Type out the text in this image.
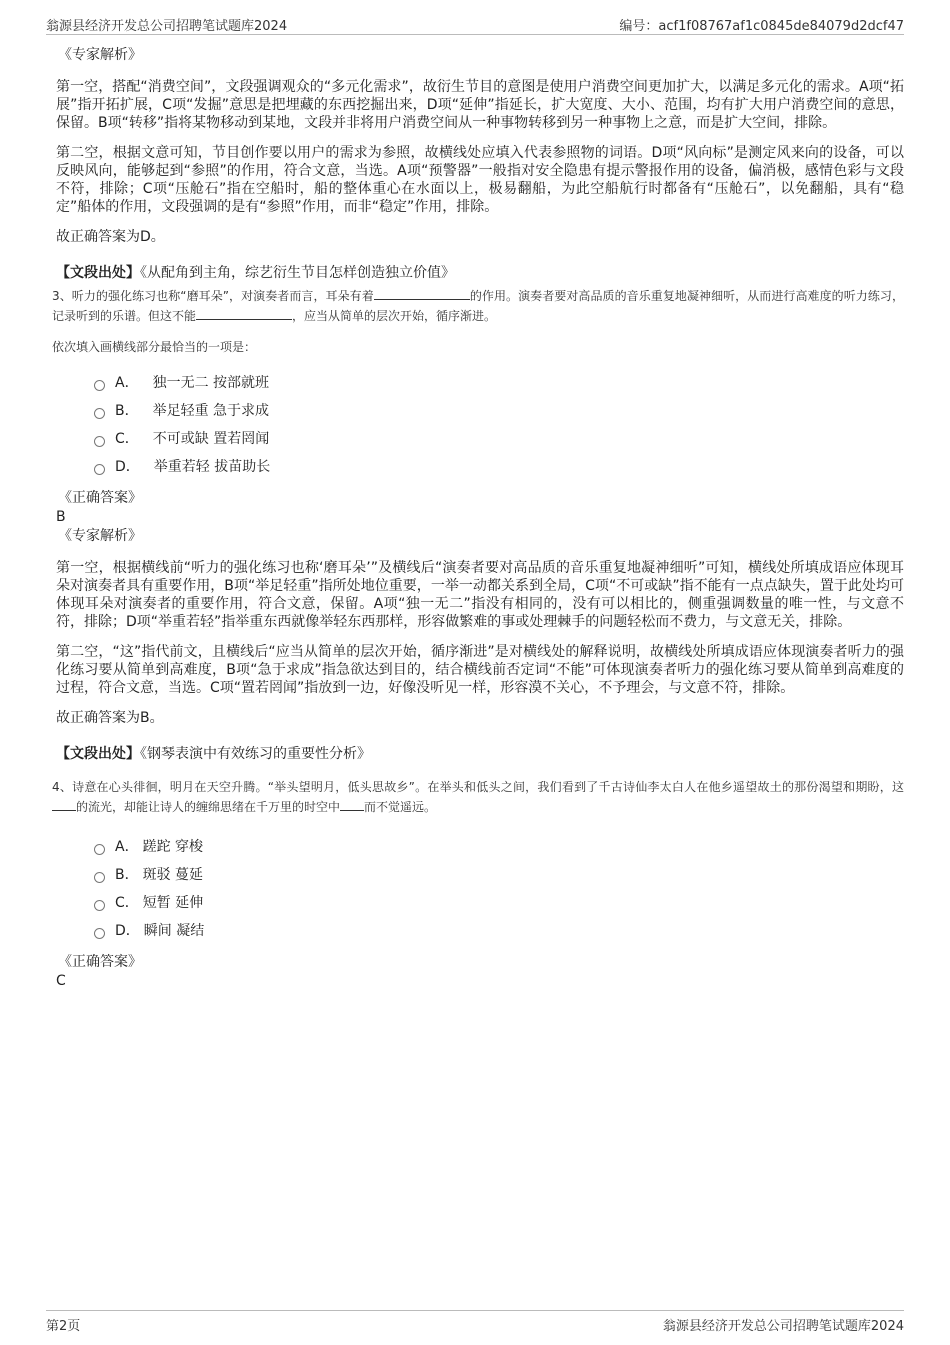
翁源县经济开发总公司招聘笔试题库2024	编号：acf1f08767af1c0845de84079d2dcf47
《专家解析》
第一空，搭配“消费空间”，文段强调观众的“多元化需求”，故衍生节目的意图是使用户消费空间更加扩大，以满足多元化的需求。A项“拓展”指开拓扩展，C项“发掘”意思是把埋藏的东西挖掘出来，D项“延伸”指延长，扩大宽度、大小、范围，均有扩大用户消费空间的意思，保留。B项“转移”指将某物移动到某地，文段并非将用户消费空间从一种事物转移到另一种事物上之意，而是扩大空间，排除。
第二空，根据文意可知，节目创作要以用户的需求为参照，故横线处应填入代表参照物的词语。D项“风向标”是测定风来向的设备，可以反映风向，能够起到“参照”的作用，符合文意，当选。A项“预警器”一般指对安全隐患有提示警报作用的设备，偏消极，感情色彩与文段不符，排除；C项“压舱石”指在空船时，船的整体重心在水面以上，极易翻船，为此空船航行时都备有“压舱石”，以免翻船，具有“稳定”船体的作用，文段强调的是有“参照”作用，而非“稳定”作用，排除。
故正确答案为D。
【文段出处】《从配角到主角，综艺衍生节目怎样创造独立价值》
3、听力的强化练习也称“磨耳朵”，对演奏者而言，耳朵有着	的作用。演奏者要对高品质的音乐重复地凝神细听，从而进行高难度的听力练习，记录听到的乐谱。但这不能	，应当从简单的层次开始，循序渐进。
依次填入画横线部分最恰当的一项是：
A． 独一无二 按部就班
B． 举足轻重 急于求成
C． 不可或缺 置若罔闻
D． 举重若轻 拔苗助长
《正确答案》
B
《专家解析》
第一空，根据横线前“听力的强化练习也称‘磨耳朵’”及横线后“演奏者要对高品质的音乐重复地凝神细听”可知，横线处所填成语应体现耳朵对演奏者具有重要作用，B项“举足轻重”指所处地位重要，一举一动都关系到全局，C项“不可或缺”指不能有一点点缺失，置于此处均可体现耳朵对演奏者的重要作用，符合文意，保留。A项“独一无二”指没有相同的，没有可以相比的，侧重强调数量的唯一性，与文意不符，排除；D项“举重若轻”指举重东西就像举轻东西那样，形容做繁难的事或处理棘手的问题轻松而不费力，与文意无关，排除。
第二空，“这”指代前文，且横线后“应当从简单的层次开始，循序渐进”是对横线处的解释说明，故横线处所填成语应体现演奏者听力的强化练习要从简单到高难度，B项“急于求成”指急欲达到目的，结合横线前否定词“不能”可体现演奏者听力的强化练习要从简单到高难度的过程，符合文意，当选。C项“置若罔闻”指放到一边，好像没听见一样，形容漠不关心，不予理会，与文意不符，排除。
故正确答案为B。
【文段出处】《钢琴表演中有效练习的重要性分析》
4、诗意在心头徘徊，明月在天空升腾。“举头望明月，低头思故乡”。在举头和低头之间，我们看到了千古诗仙李太白人在他乡遥望故土的那份渴望和期盼，这的流光，却能让诗人的缠绵思绪在千万里的时空中 而不觉遥远。
A． 蹉跎 穿梭
B． 斑驳 蔓延
C． 短暂 延伸
D． 瞬间 凝结
《正确答案》
C
第2页	翁源县经济开发总公司招聘笔试题库2024
